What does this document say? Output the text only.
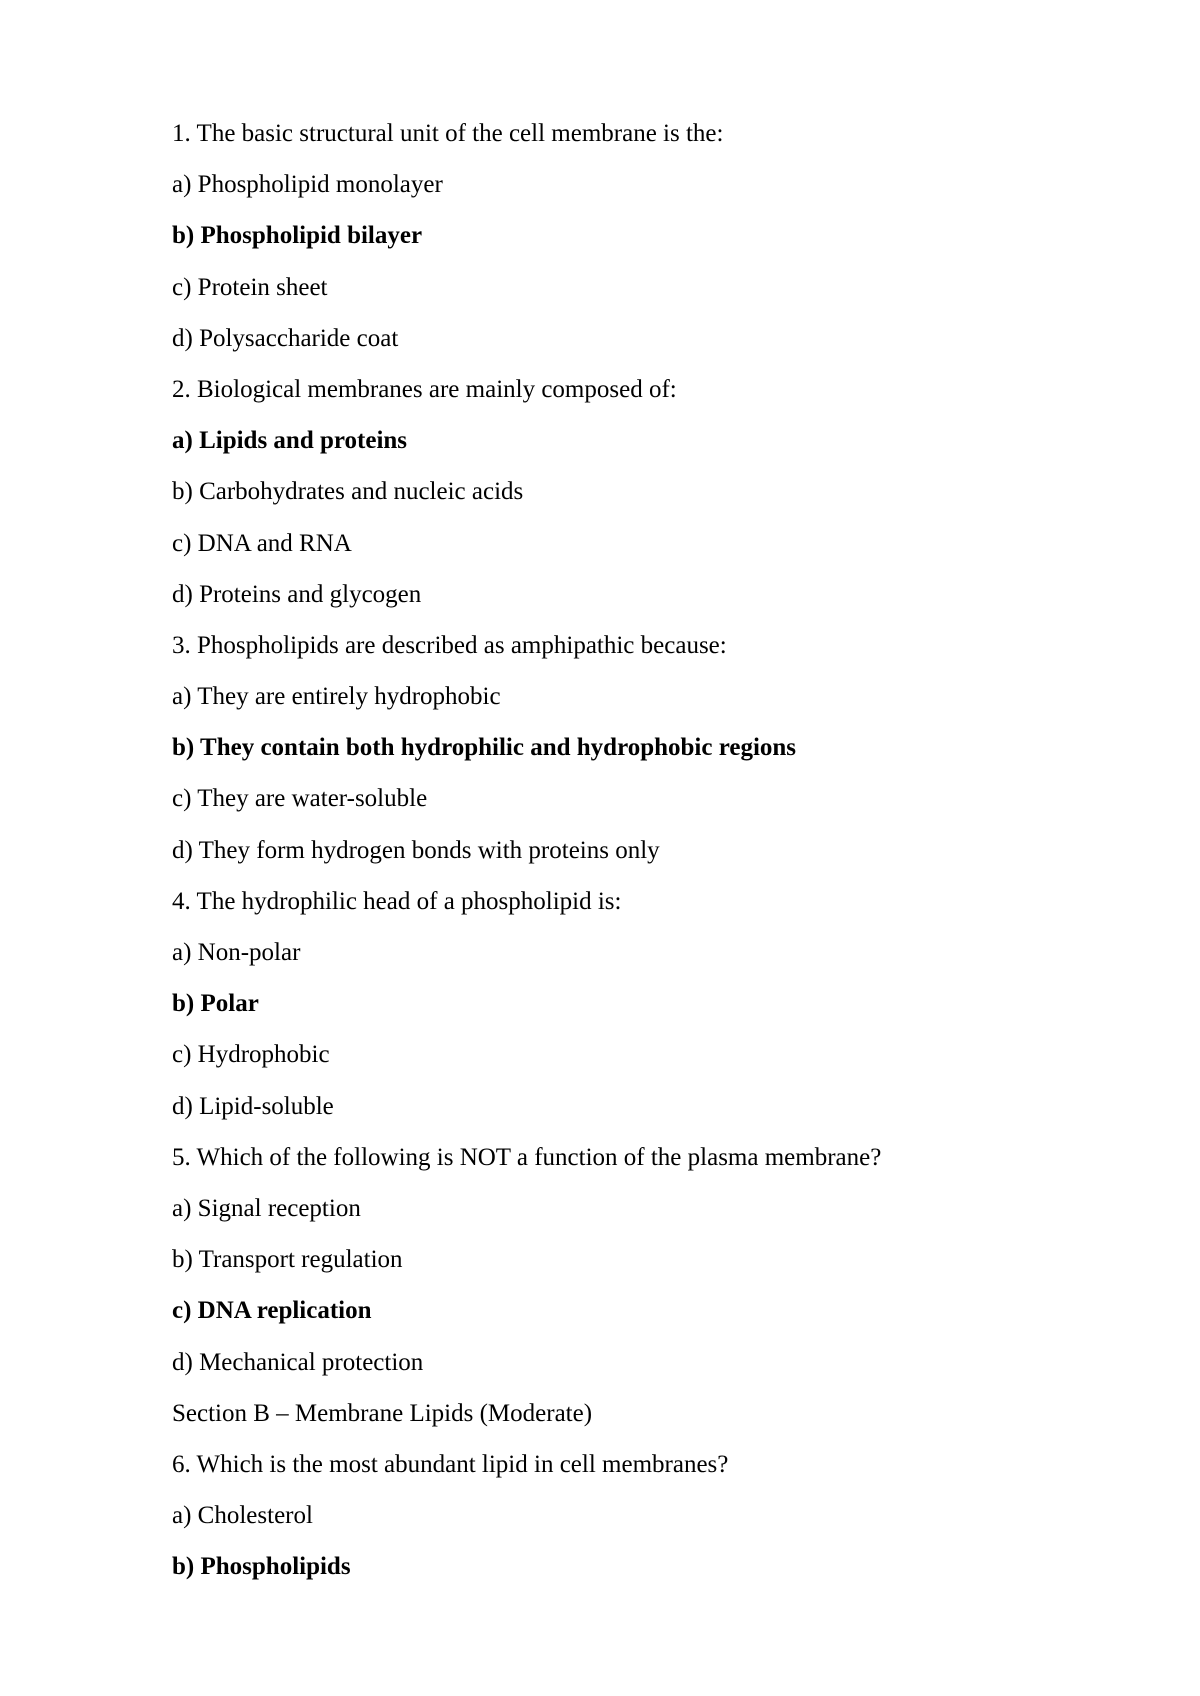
1. The basic structural unit of the cell membrane is the:
a) Phospholipid monolayer
b) Phospholipid bilayer
c) Protein sheet
d) Polysaccharide coat
2. Biological membranes are mainly composed of:
a) Lipids and proteins
b) Carbohydrates and nucleic acids
c) DNA and RNA
d) Proteins and glycogen
3. Phospholipids are described as amphipathic because:
a) They are entirely hydrophobic
b) They contain both hydrophilic and hydrophobic regions
c) They are water-soluble
d) They form hydrogen bonds with proteins only
4. The hydrophilic head of a phospholipid is:
a) Non-polar
b) Polar
c) Hydrophobic
d) Lipid-soluble
5. Which of the following is NOT a function of the plasma membrane?
a) Signal reception
b) Transport regulation
c) DNA replication
d) Mechanical protection
Section B – Membrane Lipids (Moderate)
6. Which is the most abundant lipid in cell membranes?
a) Cholesterol
b) Phospholipids
